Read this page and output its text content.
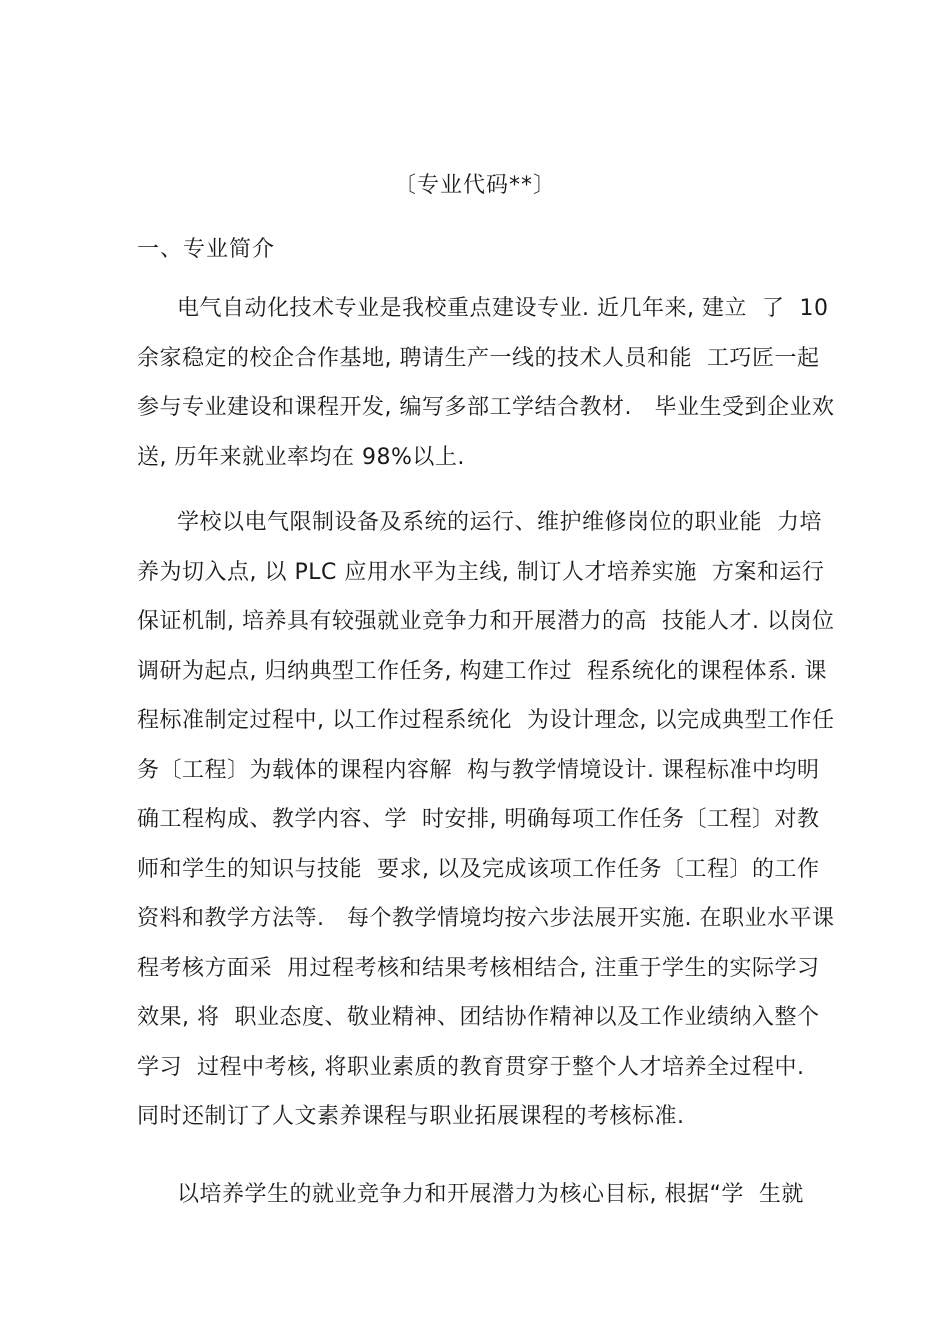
〔专业代码**〕
一、专业简介
电气自动化技术专业是我校重点建设专业. 近几年来, 建立  了  10
余家稳定的校企合作基地, 聘请生产一线的技术人员和能  工巧匠一起
参与专业建设和课程开发, 编写多部工学结合教材.   毕业生受到企业欢
送, 历年来就业率均在 98%以上.
学校以电气限制设备及系统的运行、维护维修岗位的职业能  力培
养为切入点, 以 PLC 应用水平为主线, 制订人才培养实施  方案和运行
保证机制, 培养具有较强就业竞争力和开展潜力的高  技能人才. 以岗位
调研为起点, 归纳典型工作任务, 构建工作过  程系统化的课程体系. 课
程标准制定过程中, 以工作过程系统化  为设计理念, 以完成典型工作任
务〔工程〕为载体的课程内容解  构与教学情境设计. 课程标准中均明
确工程构成、教学内容、学  时安排, 明确每项工作任务〔工程〕对教
师和学生的知识与技能  要求, 以及完成该项工作任务〔工程〕的工作
资料和教学方法等.   每个教学情境均按六步法展开实施. 在职业水平课
程考核方面采  用过程考核和结果考核相结合, 注重于学生的实际学习
效果, 将  职业态度、敬业精神、团结协作精神以及工作业绩纳入整个
学习  过程中考核, 将职业素质的教育贯穿于整个人才培养全过程中.
同时还制订了人文素养课程与职业拓展课程的考核标准.
以培养学生的就业竞争力和开展潜力为核心目标, 根据“学  生就
